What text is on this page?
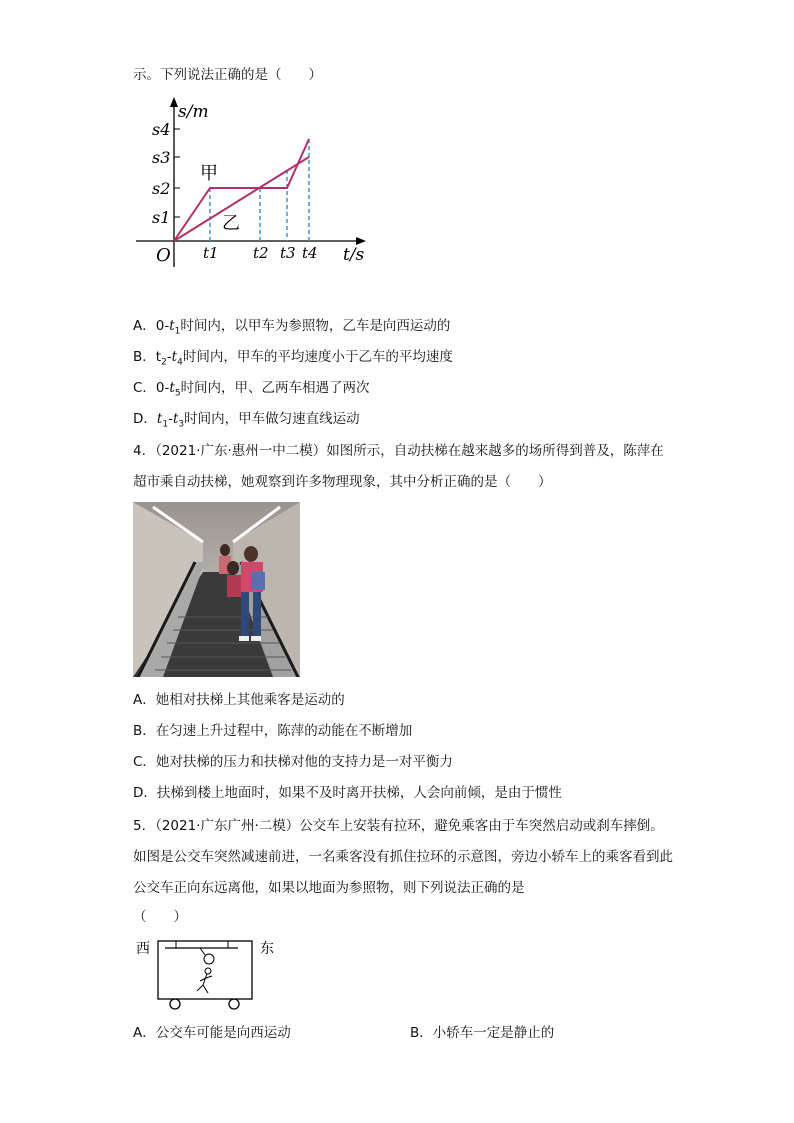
示。下列说法正确的是（　　）
s/m
t/s
O
s1
s2
s3
s4
t1 t2 t3 t4
甲
乙
A．$0-t_1$时间内，以甲车为参照物，乙车是向西运动的
B．$t_2-t_4$时间内，甲车的平均速度小于乙车的平均速度
C．$0-t_5$时间内，甲、乙两车相遇了两次
D．$t_1-t_3$时间内，甲车做匀速直线运动
4．（2021·广东·惠州一中二模）如图所示，自动扶梯在越来越多的场所得到普及，陈萍在超市乘自动扶梯，她观察到许多物理现象，其中分析正确的是（　　）
A．她相对扶梯上其他乘客是运动的
B．在匀速上升过程中，陈萍的动能在不断增加
C．她对扶梯的压力和扶梯对他的支持力是一对平衡力
D．扶梯到楼上地面时，如果不及时离开扶梯，人会向前倾，是由于惯性
5．（2021·广东广州·二模）公交车上安装有拉环，避免乘客由于车突然启动或刹车摔倒。如图是公交车突然减速前进，一名乘客没有抓住拉环的示意图，旁边小轿车上的乘客看到此公交车正向东远离他，如果以地面为参照物，则下列说法正确的是
（　　）
西	东
A．公交车可能是向西运动	B．小轿车一定是静止的
